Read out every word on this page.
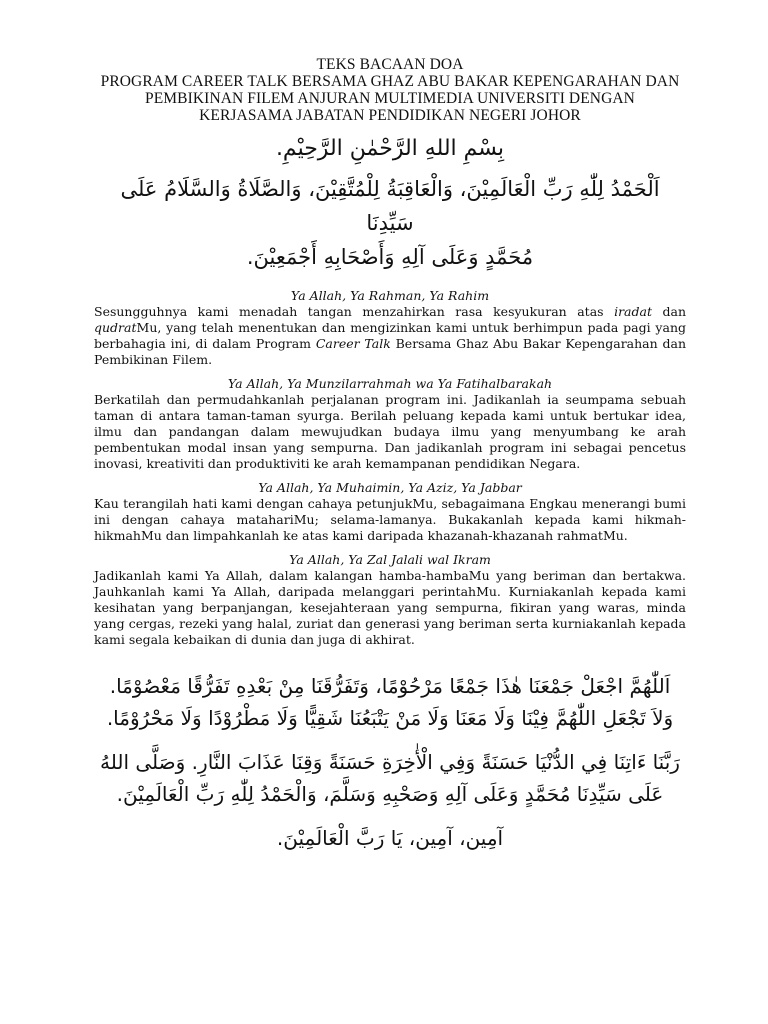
TEKS BACAAN DOA
PROGRAM CAREER TALK BERSAMA GHAZ ABU BAKAR KEPENGARAHAN DAN
PEMBIKINAN FILEM ANJURAN MULTIMEDIA UNIVERSITI DENGAN
KERJASAMA JABATAN PENDIDIKAN NEGERI JOHOR
بِسْمِ اللهِ الرَّحْمٰنِ الرَّحِيْمِ.
اَلْحَمْدُ لِلّٰهِ رَبِّ الْعَالَمِيْنَ، وَالْعَاقِبَةُ لِلْمُتَّقِيْنَ، وَالصَّلَاةُ وَالسَّلَامُ عَلَى سَيِّدِنَا
مُحَمَّدٍ وَعَلَى آلِهِ وَأَصْحَابِهِ أَجْمَعِيْنَ.
Ya Allah, Ya Rahman, Ya Rahim
Sesungguhnya kami menadah tangan menzahirkan rasa kesyukuran atas iradat dan qudratMu, yang telah menentukan dan mengizinkan kami untuk berhimpun pada pagi yang berbahagia ini, di dalam Program Career Talk Bersama Ghaz Abu Bakar Kepengarahan dan Pembikinan Filem.
Ya Allah, Ya Munzilarrahmah wa Ya Fatihalbarakah
Berkatilah dan permudahkanlah perjalanan program ini. Jadikanlah ia seumpama sebuah taman di antara taman-taman syurga. Berilah peluang kepada kami untuk bertukar idea, ilmu dan pandangan dalam mewujudkan budaya ilmu yang menyumbang ke arah pembentukan modal insan yang sempurna. Dan jadikanlah program ini sebagai pencetus inovasi, kreativiti dan produktiviti ke arah kemampanan pendidikan Negara.
Ya Allah, Ya Muhaimin, Ya Aziz, Ya Jabbar
Kau terangilah hati kami dengan cahaya petunjukMu, sebagaimana Engkau menerangi bumi ini dengan cahaya matahariMu; selama-lamanya. Bukakanlah kepada kami hikmah-hikmahMu dan limpahkanlah ke atas kami daripada khazanah-khazanah rahmatMu.
Ya Allah, Ya Zal Jalali wal Ikram
Jadikanlah kami Ya Allah, dalam kalangan hamba-hambaMu yang beriman dan bertakwa. Jauhkanlah kami Ya Allah, daripada melanggari perintahMu. Kurniakanlah kepada kami kesihatan yang berpanjangan, kesejahteraan yang sempurna, fikiran yang waras, minda yang cergas, rezeki yang halal, zuriat dan generasi yang beriman serta kurniakanlah kepada kami segala kebaikan di dunia dan juga di akhirat.
اَللّٰهُمَّ اجْعَلْ جَمْعَنَا هٰذَا جَمْعًا مَرْحُوْمًا، وَتَفَرُّقَنَا مِنْ بَعْدِهِ تَفَرُّقًا مَعْصُوْمًا.
وَلاَ تَجْعَلِ اللّٰهُمَّ فِيْنَا وَلَا مَعَنَا وَلَا مَنْ يَتْبَعُنَا شَقِيًّا وَلَا مَطْرُوْدًا وَلَا مَحْرُوْمًا.
رَبَّنَا ءَاتِنَا فِي الدُّنْيَا حَسَنَةً وَفِي الْأٰخِرَةِ حَسَنَةً وَقِنَا عَذَابَ النَّارِ. وَصَلَّى اللهُ
عَلَى سَيِّدِنَا مُحَمَّدٍ وَعَلَى آلِهِ وَصَحْبِهِ وَسَلَّمَ، وَالْحَمْدُ لِلّٰهِ رَبِّ الْعَالَمِيْنَ.
آمِين، آمِين، يَا رَبَّ الْعَالَمِيْنَ.
